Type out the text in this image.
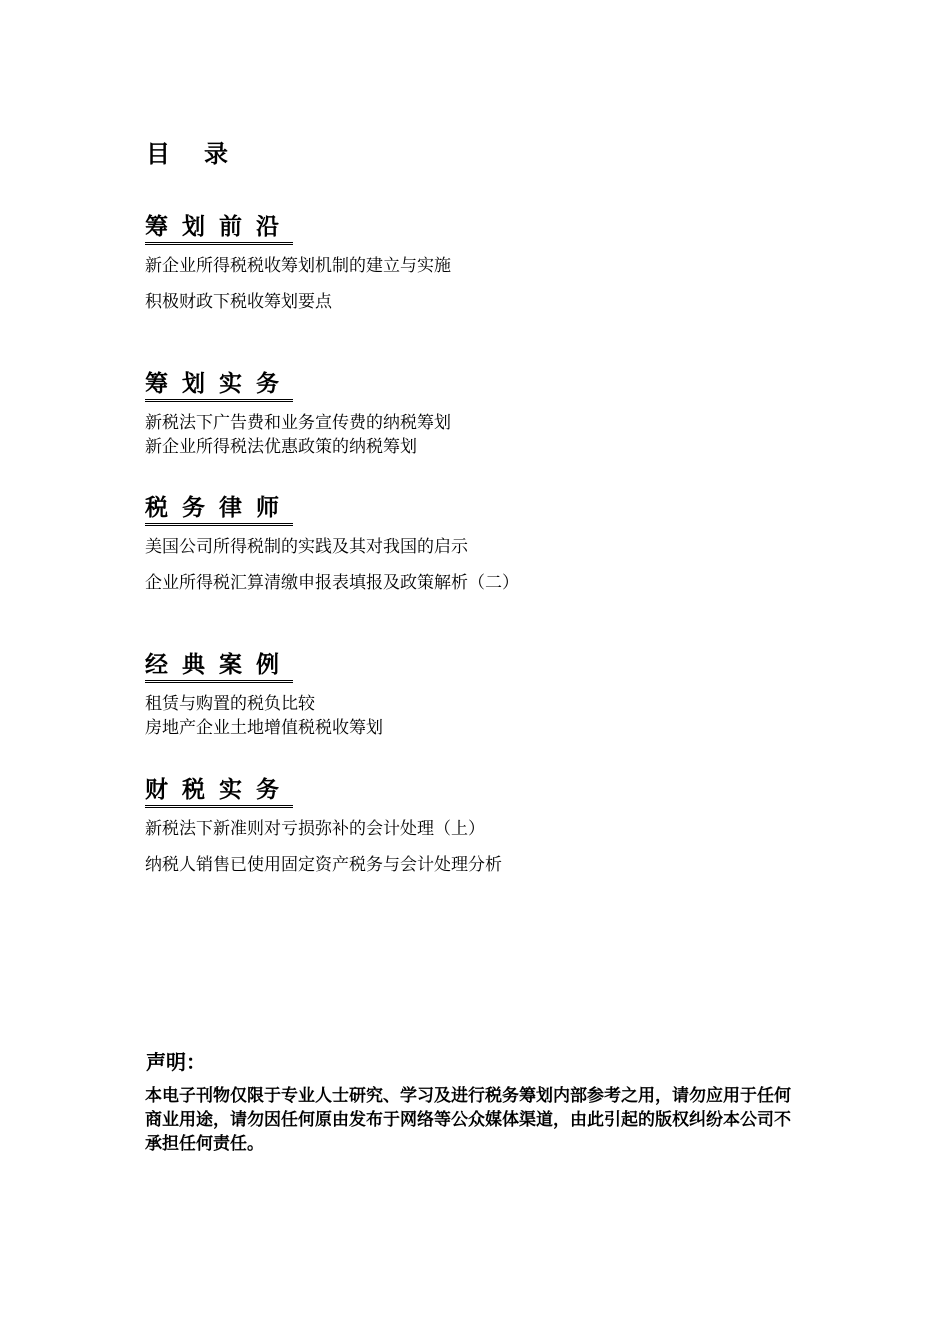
目 录
筹划前沿
新企业所得税税收筹划机制的建立与实施
积极财政下税收筹划要点
筹划实务
新税法下广告费和业务宣传费的纳税筹划
新企业所得税法优惠政策的纳税筹划
税务律师
美国公司所得税制的实践及其对我国的启示
企业所得税汇算清缴申报表填报及政策解析（二）
经典案例
租赁与购置的税负比较
房地产企业土地增值税税收筹划
财税实务
新税法下新准则对亏损弥补的会计处理（上）
纳税人销售已使用固定资产税务与会计处理分析
声明：
本电子刊物仅限于专业人士研究、学习及进行税务筹划内部参考之用，请勿应用于任何商业用途，请勿因任何原由发布于网络等公众媒体渠道，由此引起的版权纠纷本公司不承担任何责任。
